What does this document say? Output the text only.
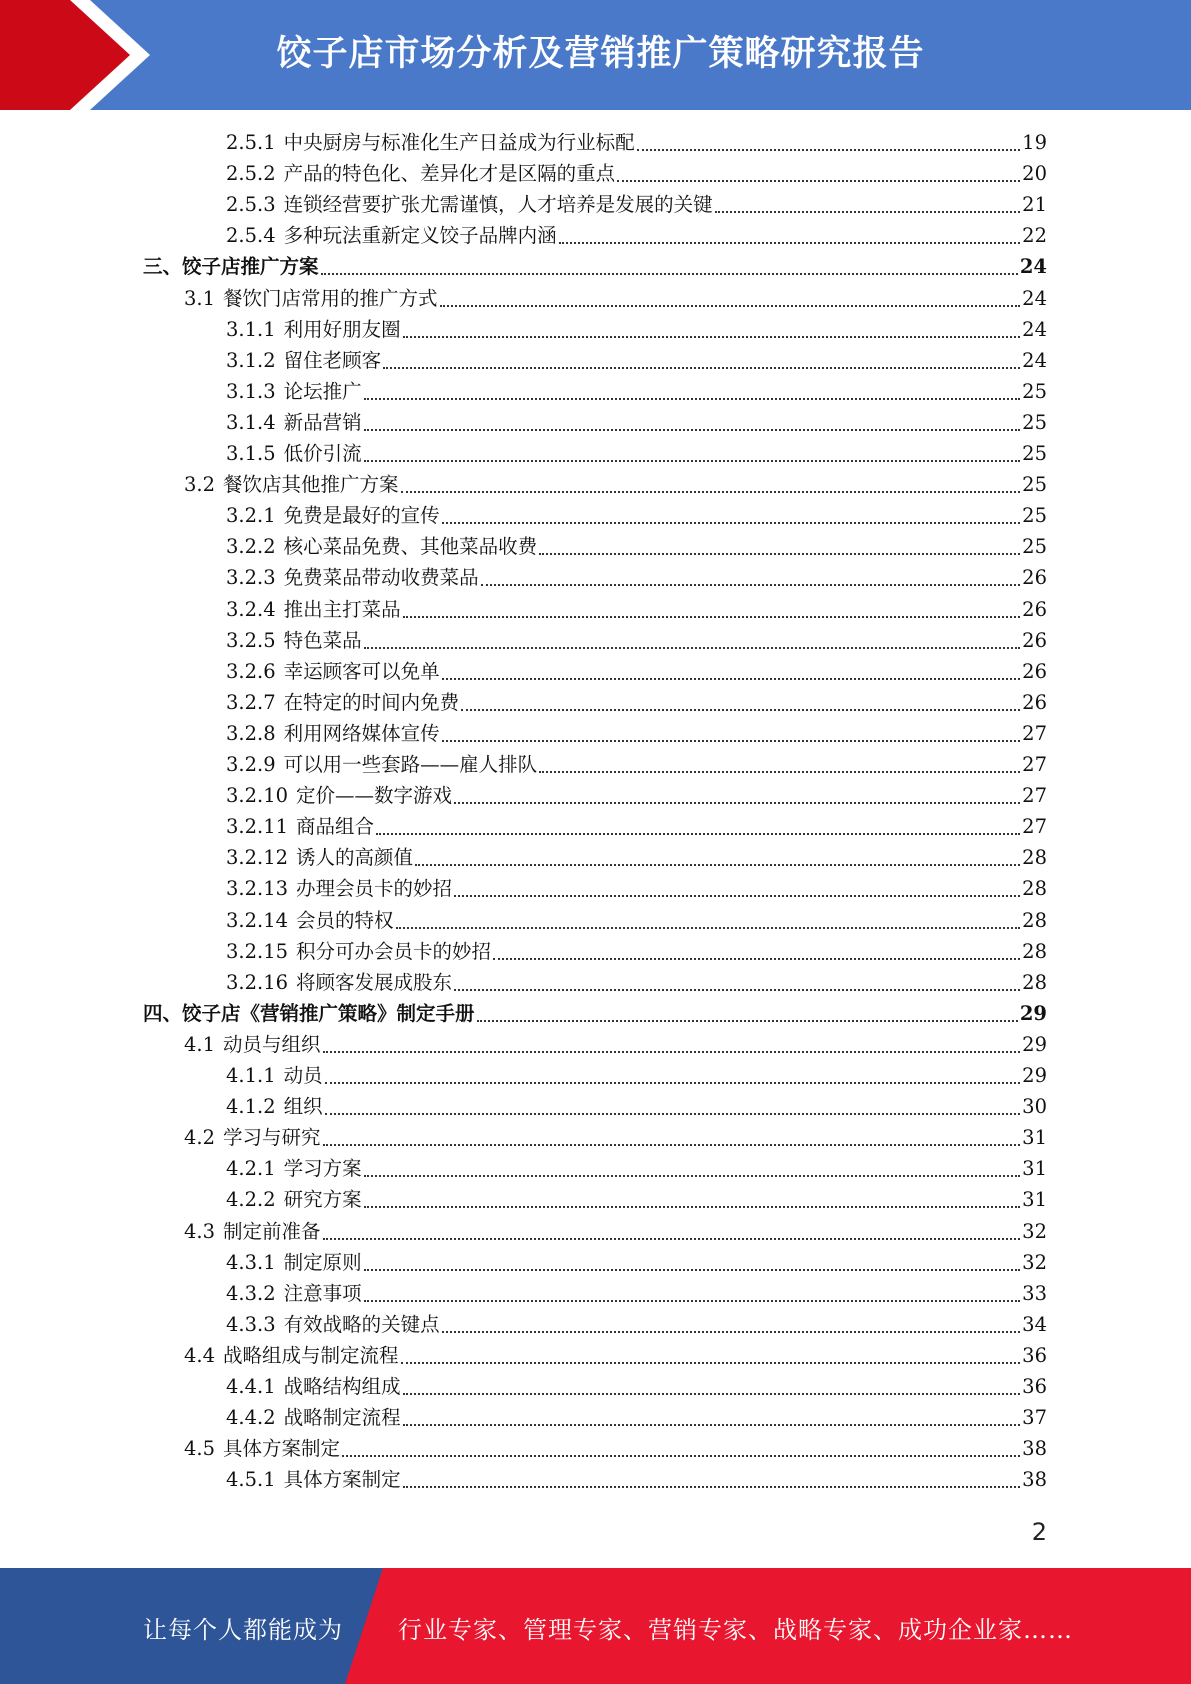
饺子店市场分析及营销推广策略研究报告
2.5.1 中央厨房与标准化生产日益成为行业标配	19
2.5.2 产品的特色化、差异化才是区隔的重点	20
2.5.3 连锁经营要扩张尤需谨慎，人才培养是发展的关键	21
2.5.4 多种玩法重新定义饺子品牌内涵	22
三、饺子店推广方案	24
3.1 餐饮门店常用的推广方式	24
3.1.1 利用好朋友圈	24
3.1.2 留住老顾客	24
3.1.3 论坛推广	25
3.1.4 新品营销	25
3.1.5 低价引流	25
3.2 餐饮店其他推广方案	25
3.2.1 免费是最好的宣传	25
3.2.2 核心菜品免费、其他菜品收费	25
3.2.3 免费菜品带动收费菜品	26
3.2.4 推出主打菜品	26
3.2.5 特色菜品	26
3.2.6 幸运顾客可以免单	26
3.2.7 在特定的时间内免费	26
3.2.8 利用网络媒体宣传	27
3.2.9 可以用一些套路——雇人排队	27
3.2.10 定价——数字游戏	27
3.2.11 商品组合	27
3.2.12 诱人的高颜值	28
3.2.13 办理会员卡的妙招	28
3.2.14 会员的特权	28
3.2.15 积分可办会员卡的妙招	28
3.2.16 将顾客发展成股东	28
四、饺子店《营销推广策略》制定手册	29
4.1 动员与组织	29
4.1.1 动员	29
4.1.2 组织	30
4.2 学习与研究	31
4.2.1 学习方案	31
4.2.2 研究方案	31
4.3 制定前准备	32
4.3.1 制定原则	32
4.3.2 注意事项	33
4.3.3 有效战略的关键点	34
4.4 战略组成与制定流程	36
4.4.1 战略结构组成	36
4.4.2 战略制定流程	37
4.5 具体方案制定	38
4.5.1 具体方案制定	38
2
让每个人都能成为 行业专家、管理专家、营销专家、战略专家、成功企业家……
